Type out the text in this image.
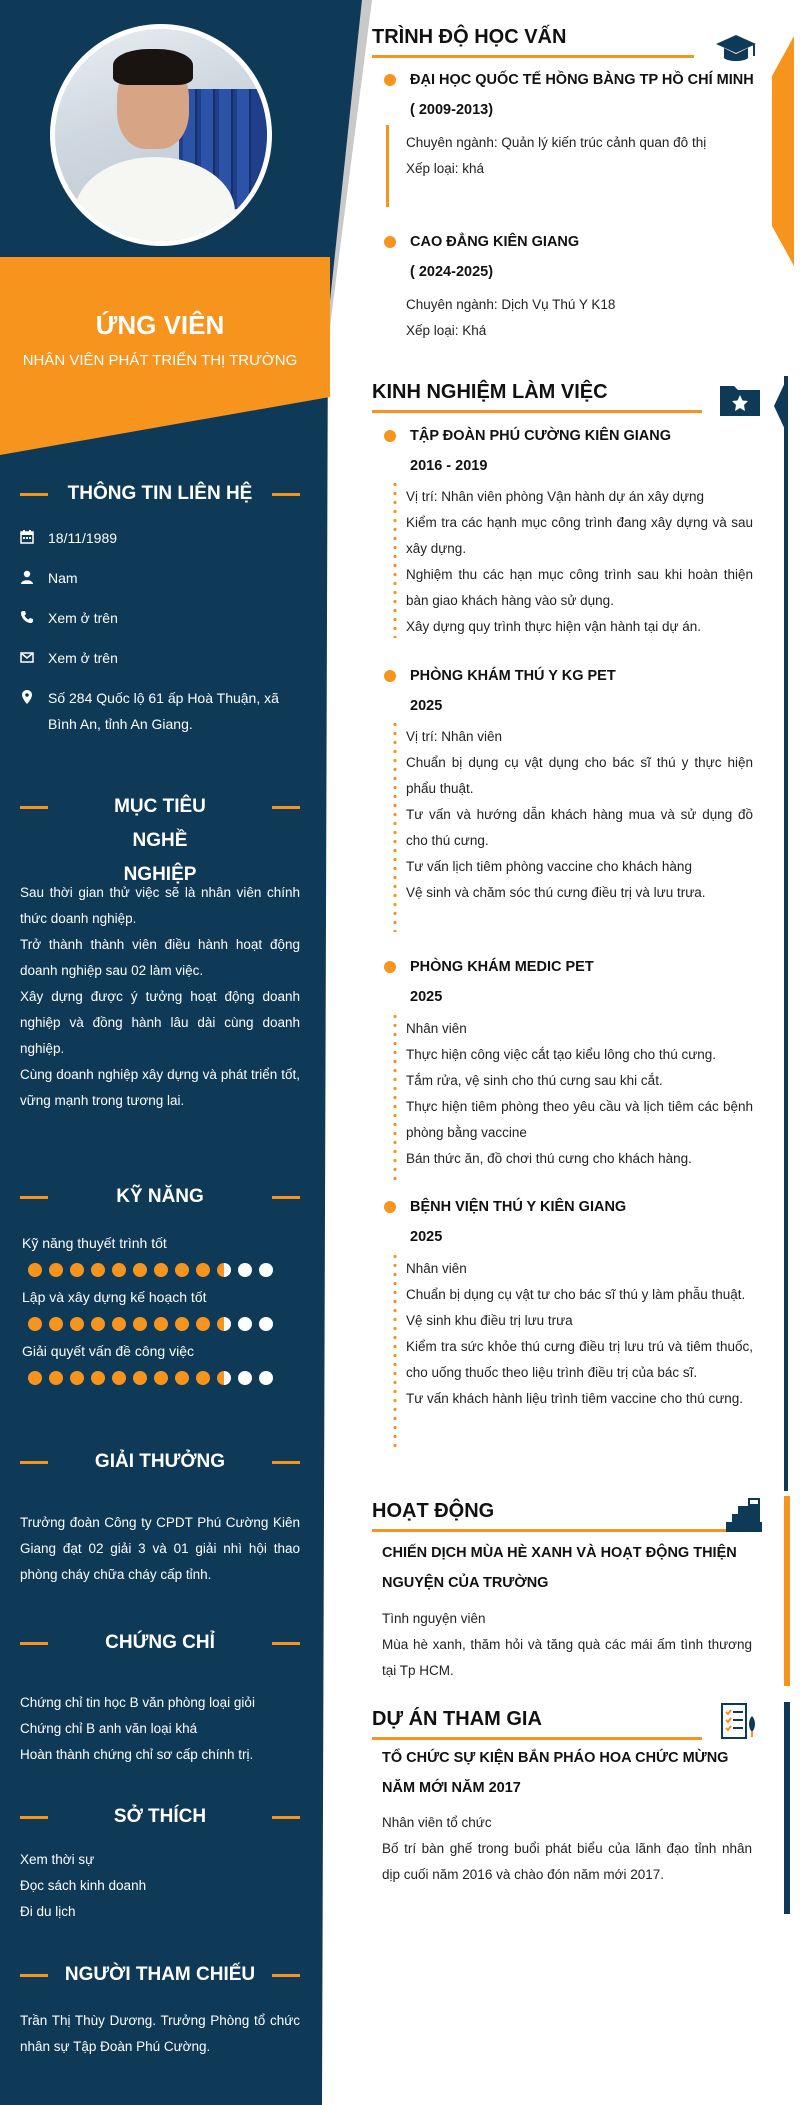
ỨNG VIÊN
NHÂN VIÊN PHÁT TRIỂN THỊ TRƯỜNG
THÔNG TIN LIÊN HỆ
18/11/1989
Nam
Xem ở trên
Xem ở trên
Số 284 Quốc lộ 61 ấp Hoà Thuận, xã Bình An, tỉnh An Giang.
MỤC TIÊU NGHỀ NGHIỆP
Sau thời gian thử việc sẽ là nhân viên chính thức doanh nghiệp.
Trở thành thành viên điều hành hoạt động doanh nghiệp sau 02 làm việc.
Xây dựng được ý tưởng hoạt động doanh nghiệp và đồng hành lâu dài cùng doanh nghiệp.
Cùng doanh nghiệp xây dựng và phát triển tốt, vững mạnh trong tương lai.
KỸ NĂNG
Kỹ năng thuyết trình tốt
Lập và xây dựng kế hoạch tốt
Giải quyết vấn đề công việc
GIẢI THƯỞNG
Trưởng đoàn Công ty CPDT Phú Cường Kiên Giang đạt 02 giải 3 và 01 giải nhì hội thao phòng cháy chữa cháy cấp tỉnh.
CHỨNG CHỈ
Chứng chỉ tin học B văn phòng loại giỏi
Chứng chỉ B anh văn loại khá
Hoàn thành chứng chỉ sơ cấp chính trị.
SỞ THÍCH
Xem thời sự
Đọc sách kinh doanh
Đi du lịch
NGƯỜI THAM CHIẾU
Trần Thị Thùy Dương. Trưởng Phòng tổ chức nhân sự Tập Đoàn Phú Cường.
TRÌNH ĐỘ HỌC VẤN
ĐẠI HỌC QUỐC TẾ HỒNG BÀNG TP HỒ CHÍ MINH
( 2009-2013)
Chuyên ngành: Quản lý kiến trúc cảnh quan đô thị
Xếp loại: khá
CAO ĐẲNG KIÊN GIANG
( 2024-2025)
Chuyên ngành: Dịch Vụ Thú Y K18
Xếp loại: Khá
KINH NGHIỆM LÀM VIỆC
TẬP ĐOÀN PHÚ CƯỜNG KIÊN GIANG
2016 - 2019
Vị trí: Nhân viên phòng Vận hành dự án xây dựng
Kiểm tra các hạnh mục công trình đang xây dựng và sau xây dựng.
Nghiệm thu các hạn mục công trình sau khi hoàn thiện bàn giao khách hàng vào sử dụng.
Xây dựng quy trình thực hiện vận hành tại dự án.
PHÒNG KHÁM THÚ Y KG PET
2025
Vị trí: Nhân viên
Chuẩn bị dụng cụ vật dụng cho bác sĩ thú y thực hiện phẩu thuật.
Tư vấn và hướng dẫn khách hàng mua và sử dụng đồ cho thú cưng.
Tư vấn lịch tiêm phòng vaccine cho khách hàng
Vệ sinh và chăm sóc thú cưng điều trị và lưu trưa.
PHÒNG KHÁM MEDIC PET
2025
Nhân viên
Thực hiện công việc cắt tạo kiểu lông cho thú cưng.
Tắm rửa, vệ sinh cho thú cưng sau khi cắt.
Thực hiện tiêm phòng theo yêu cầu và lịch tiêm các bệnh phòng bằng vaccine
Bán thức ăn, đồ chơi thú cưng cho khách hàng.
BỆNH VIỆN THÚ Y KIÊN GIANG
2025
Nhân viên
Chuẩn bị dụng cụ vật tư cho bác sĩ thú y làm phẫu thuật.
Vệ sinh khu điều trị lưu trưa
Kiểm tra sức khỏe thú cưng điều trị lưu trú và tiêm thuốc, cho uống thuốc theo liệu trình điều trị của bác sĩ.
Tư vấn khách hành liệu trình tiêm vaccine cho thú cưng.
HOẠT ĐỘNG
CHIẾN DỊCH MÙA HÈ XANH VÀ HOẠT ĐỘNG THIỆN NGUYỆN CỦA TRƯỜNG
Tình nguyện viên
Mùa hè xanh, thăm hỏi và tăng quà các mái ấm tình thương tại Tp HCM.
DỰ ÁN THAM GIA
TỔ CHỨC SỰ KIỆN BẮN PHÁO HOA CHỨC MỪNG NĂM MỚI NĂM 2017
Nhân viên tổ chức
Bố trí bàn ghế trong buổi phát biểu của lãnh đạo tỉnh nhân dịp cuối năm 2016 và chào đón năm mới 2017.
